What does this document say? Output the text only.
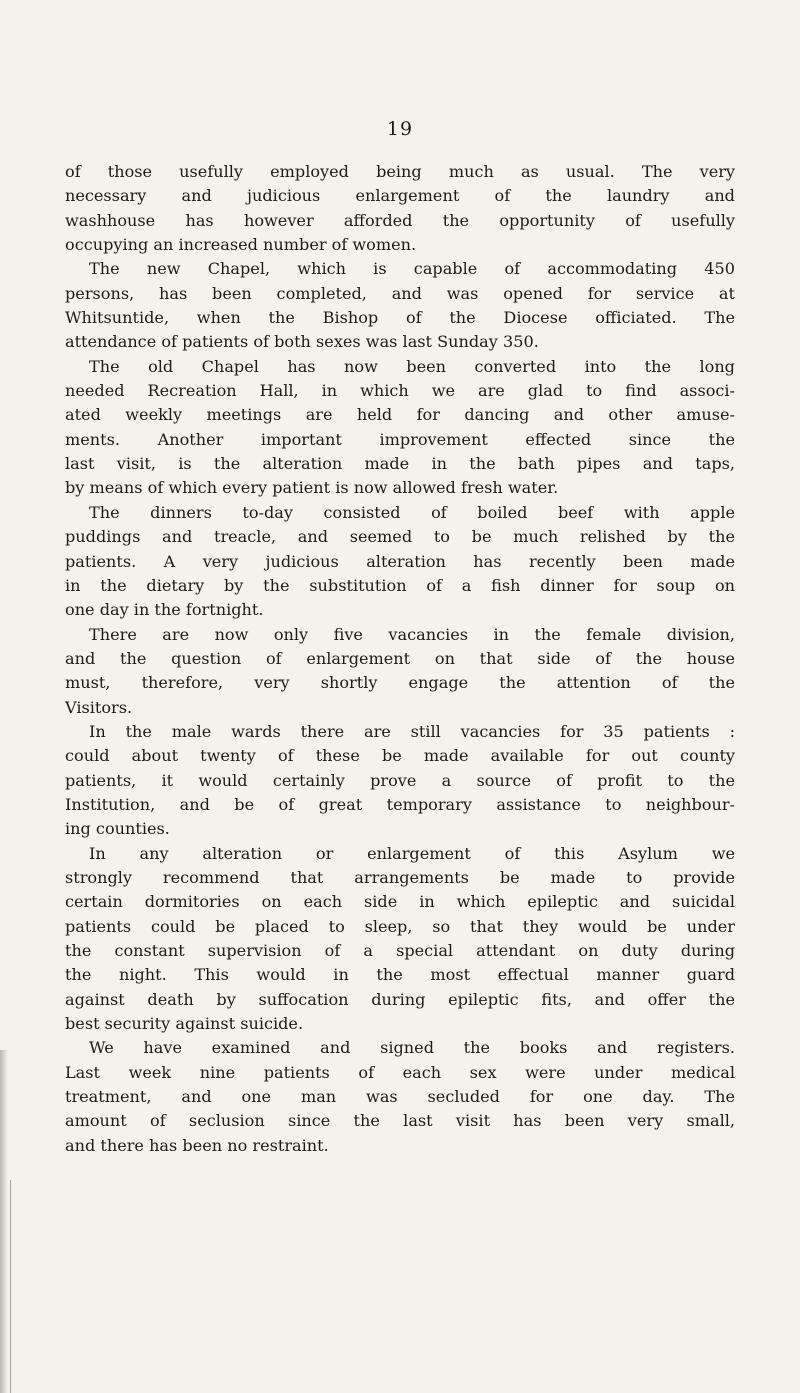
19

of those usefully employed being much as usual. The very
necessary and judicious enlargement of the laundry and
washhouse has however afforded the opportunity of usefully
occupying an increased number of women.

The new Chapel, which is capable of accommodating 450
persons, has been completed, and was opened for service at
Whitsuntide, when the Bishop of the Diocese officiated. The
attendance of patients of both sexes was last Sunday 350.

The old Chapel has now been converted into the long
needed Recreation Hall, in which we are glad to find associ-
ated weekly meetings are held for dancing and other amuse-
ments. Another important improvement effected since the
last visit, is the alteration made in the bath pipes and taps,
by means of which every patient is now allowed fresh water.

The dinners to-day consisted of boiled beef with apple
puddings and treacle, and seemed to be much relished by the
patients. A very judicious alteration has recently been made
in the dietary by the substitution of a fish dinner for soup on
one day in the fortnight.

There are now only five vacancies in the female division,
and the question of enlargement on that side of the house
must, therefore, very shortly engage the attention of the
Visitors.

In the male wards there are still vacancies for 35 patients :
could about twenty of these be made available for out county
patients, it would certainly prove a source of profit to the
Institution, and be of great temporary assistance to neighbour-
ing counties.

In any alteration or enlargement of this Asylum we
strongly recommend that arrangements be made to provide
certain dormitories on each side in which epileptic and suicidal
patients could be placed to sleep, so that they would be under
the constant supervision of a special attendant on duty during
the night. This would in the most effectual manner guard
against death by suffocation during epileptic fits, and offer the
best security against suicide.

We have examined and signed the books and registers.
Last week nine patients of each sex were under medical
treatment, and one man was secluded for one day. The
amount of seclusion since the last visit has been very small,
and there has been no restraint.
